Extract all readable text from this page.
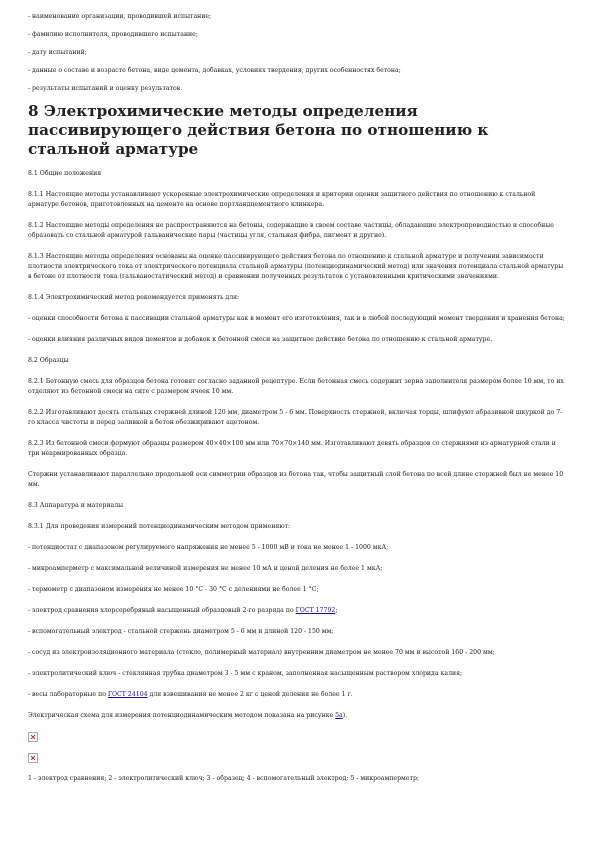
- наименование организации, проводившей испытание;

- фамилию исполнителя, проводившего испытание;

- дату испытаний;

- данные о составе и возрасте бетона, виде цемента, добавках, условиях твердения, других особенностях бетона;

- результаты испытаний и оценку результатов.

8 Электрохимические методы определения пассивирующего действия бетона по отношению к стальной арматуре

8.1 Общие положения

8.1.1 Настоящие методы устанавливают ускоренные электрохимические определения и критерии оценки защитного действия по отношению к стальной арматуре бетонов, приготовленных на цементе на основе портландцементного клинкера.

8.1.2 Настоящие методы определения не распространяются на бетоны, содержащие в своем составе частицы, обладающие электропроводностью и способные образовать со стальной арматурой гальванические пары (частицы угля, стальная фибра, пигмент и другие).

8.1.3 Настоящие методы определения основаны на оценке пассивирующего действия бетона по отношению к стальной арматуре и получении зависимости плотности электрического тока от электрического потенциала стальной арматуры (потенциодинамический метод) или значения потенциала стальной арматуры в бетоне от плотности тока (гальваностатический метод) и сравнении полученных результатов с установленными критическими значениями.

8.1.4 Электрохимический метод рекомендуется применять для:

- оценки способности бетона к пассивации стальной арматуры как в момент его изготовления, так и в любой последующий момент твердения и хранения бетона;

- оценки влияния различных видов цементов и добавок к бетонной смеси на защитное действие бетона по отношению к стальной арматуре.

8.2 Образцы

8.2.1 Бетонную смесь для образцов бетона готовят согласно заданной рецептуре. Если бетонная смесь содержит зерна заполнителя размером более 10 мм, то их отделяют из бетонной смеси на сите с размером ячеек 10 мм.

8.2.2 Изготавливают десять стальных стержней длиной 120 мм, диаметром 5 - 6 мм. Поверхность стержней, включая торцы, шлифуют абразивной шкуркой до 7-го класса чистоты и перед заливкой в бетон обезжиривают ацетоном.

8.2.3 Из бетонной смеси формуют образцы размером 40×40×100 мм или 70×70×140 мм. Изготавливают девять образцов со стержнями из арматурной стали и три неармированных образца.

Стержни устанавливают параллельно продольной оси симметрии образцов из бетона так, чтобы защитный слой бетона по всей длине стержней был не менее 10 мм.

8.3 Аппаратура и материалы

8.3.1 Для проведения измерений потенциодинамическим методом применяют:

- потенциостат с диапазоном регулируемого напряжения не менее 5 - 1000 мВ и тока не менее 1 - 1000 мкА;

- микроамперметр с максимальной величиной измерения не менее 10 мА и ценой деления не более 1 мкА;

- термометр с диапазоном измерения не менее 10 °С - 30 °С с делениями не более 1 °С;

- электрод сравнения хлорсеребряный насыщенный образцовый 2-го разряда по ГОСТ 17792;

- вспомогательный электрод - стальной стержень диаметром 5 - 6 мм и длиной 120 - 150 мм;

- сосуд из электроизоляционного материала (стекло, полимерный материал) внутренним диаметром не менее 70 мм и высотой 160 - 200 мм;

- электролитический ключ - стеклянная трубка диаметром 3 - 5 мм с краном, заполненная насыщенным раствором хлорида калия;

- весы лабораторные по ГОСТ 24104 для взвешивания не менее 2 кг с ценой деления не более 1 г.

Электрическая схема для измерения потенциодинамическим методом показана на рисунке 5а).

1 - электрод сравнения; 2 - электролитический ключ; 3 - образец; 4 - вспомогательный электрод; 5 - микроамперметр;
